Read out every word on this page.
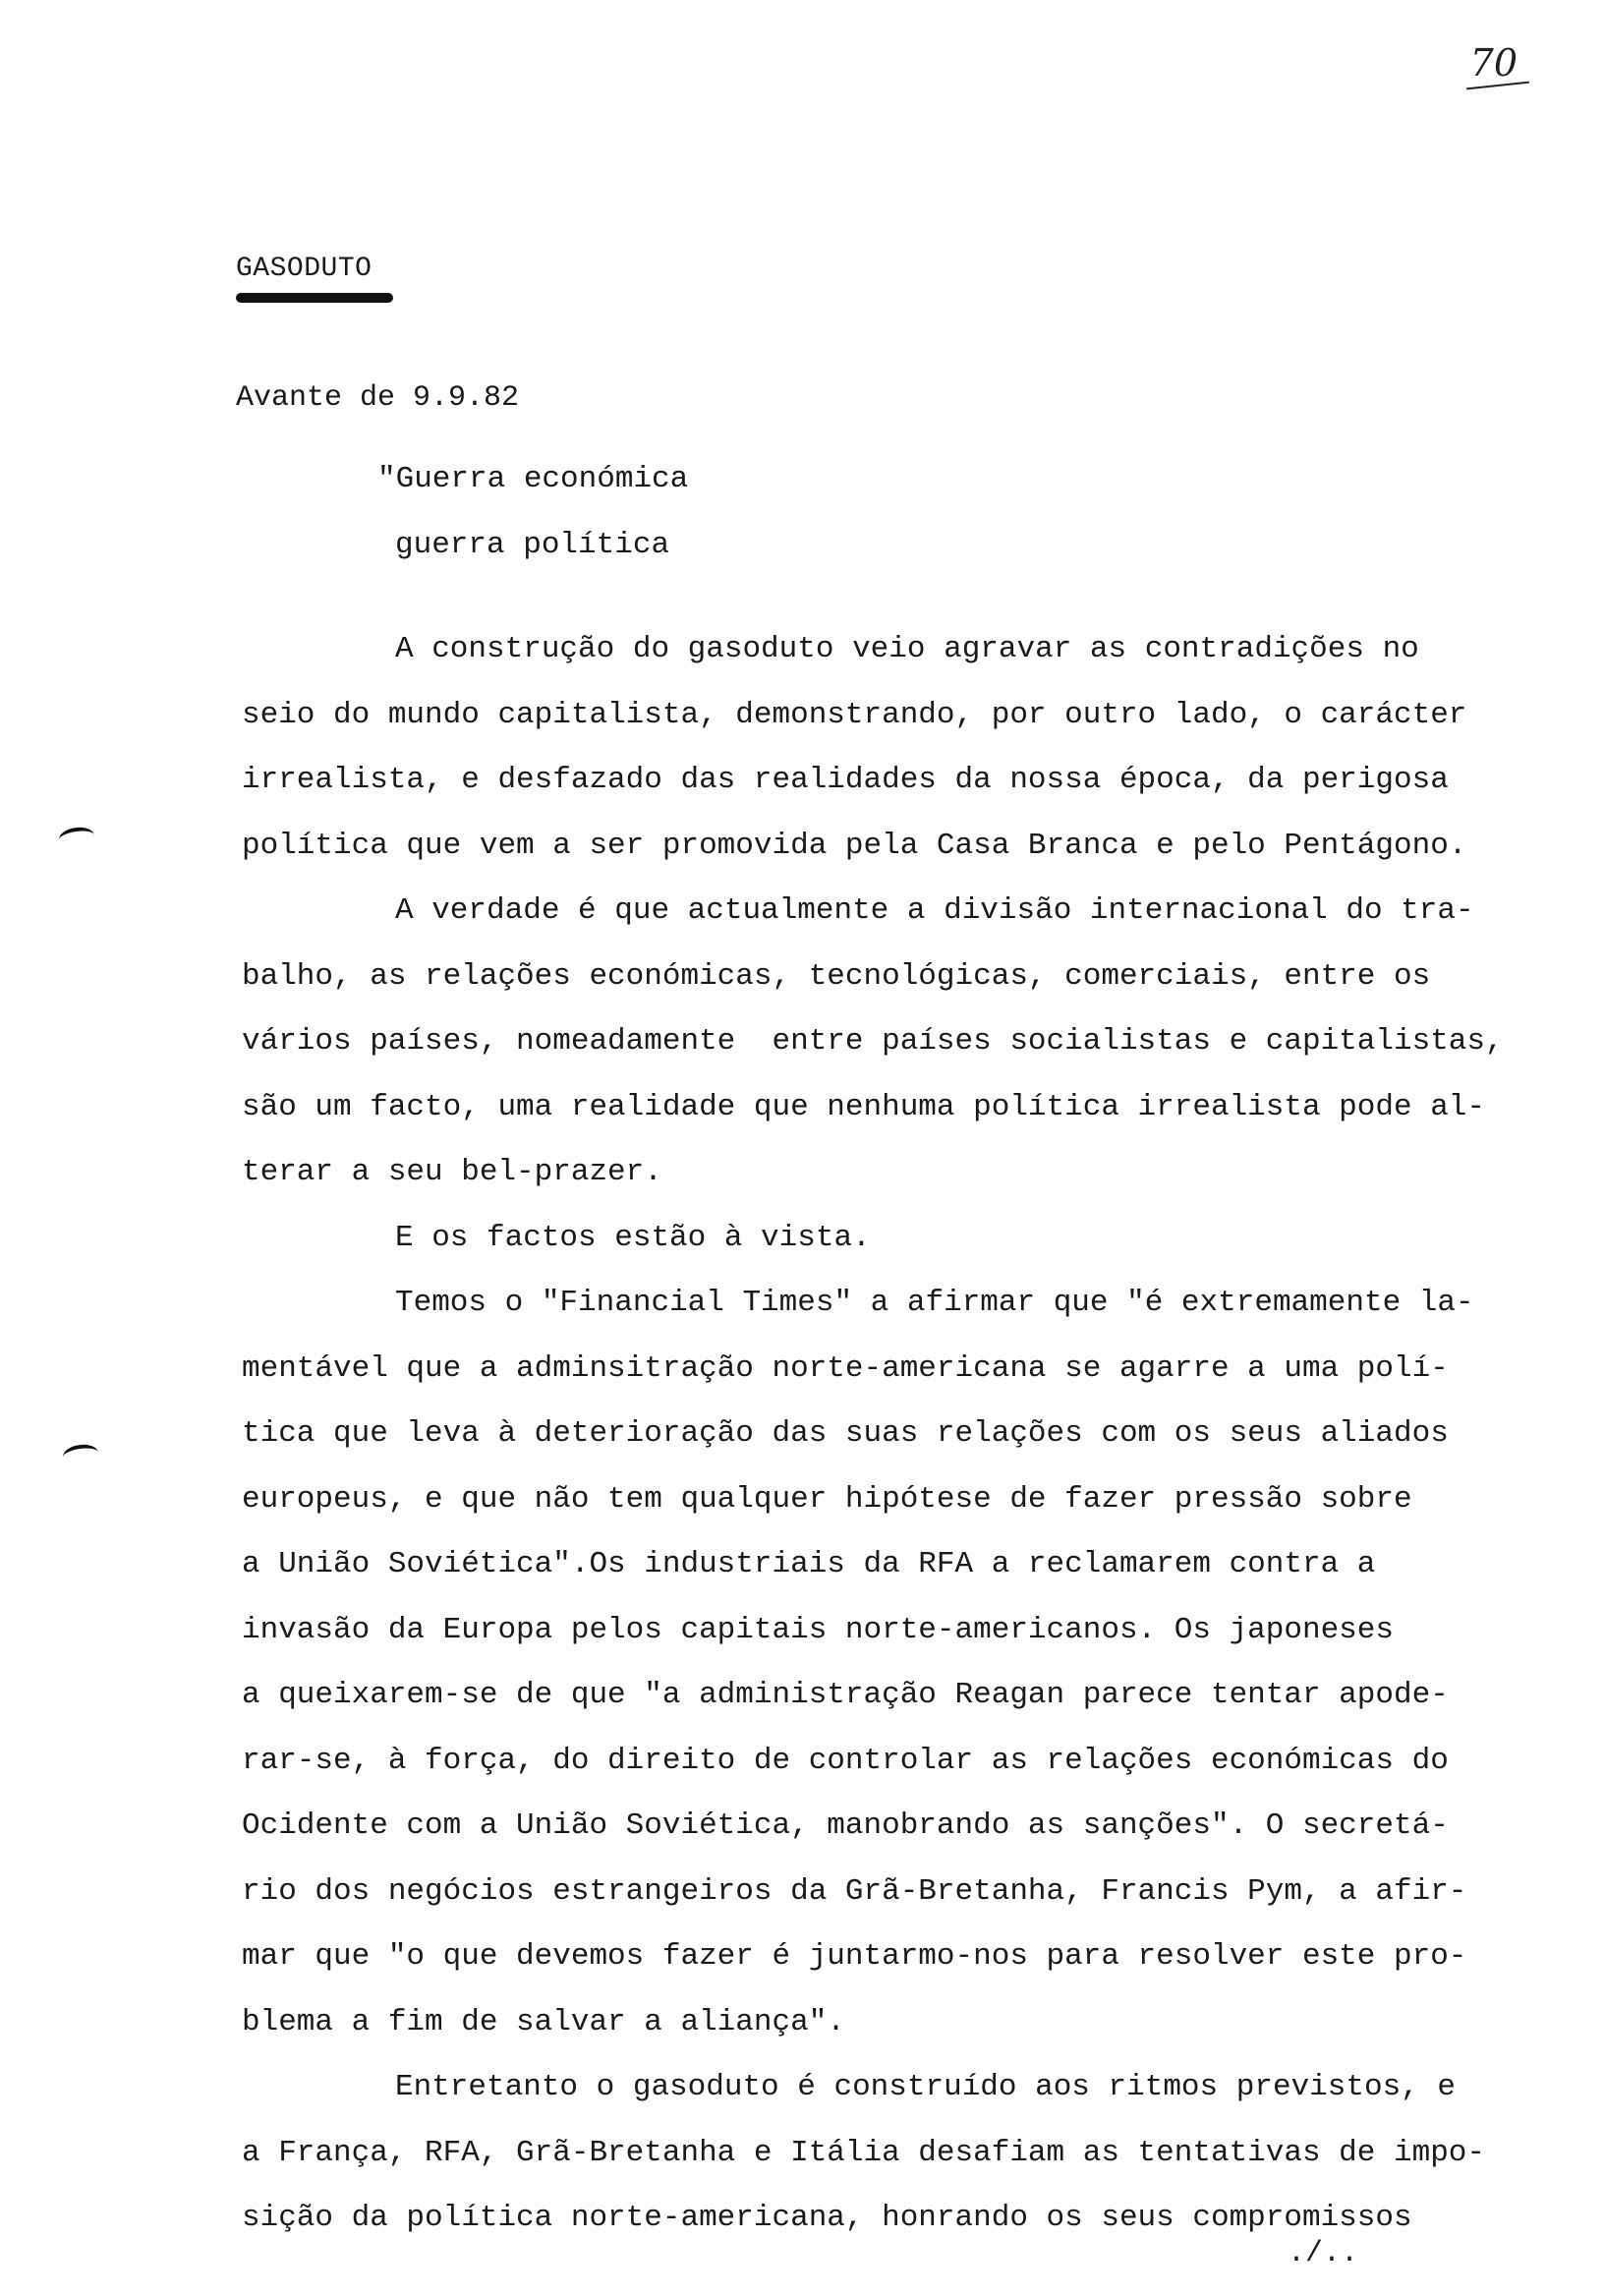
70
GASODUTO
Avante de 9.9.82
"Guerra económica
guerra política
A construção do gasoduto veio agravar as contradições no
seio do mundo capitalista, demonstrando, por outro lado, o carácter
irrealista, e desfazado das realidades da nossa época, da perigosa
política que vem a ser promovida pela Casa Branca e pelo Pentágono.
A verdade é que actualmente a divisão internacional do tra-
balho, as relações económicas, tecnológicas, comerciais, entre os
vários países, nomeadamente  entre países socialistas e capitalistas,
são um facto, uma realidade que nenhuma política irrealista pode al-
terar a seu bel-prazer.
E os factos estão à vista.
Temos o "Financial Times" a afirmar que "é extremamente la-
mentável que a adminsitração norte-americana se agarre a uma polí-
tica que leva à deterioração das suas relações com os seus aliados
europeus, e que não tem qualquer hipótese de fazer pressão sobre
a União Soviética".Os industriais da RFA a reclamarem contra a
invasão da Europa pelos capitais norte-americanos. Os japoneses
a queixarem-se de que "a administração Reagan parece tentar apode-
rar-se, à força, do direito de controlar as relações económicas do
Ocidente com a União Soviética, manobrando as sanções". O secretá-
rio dos negócios estrangeiros da Grã-Bretanha, Francis Pym, a afir-
mar que "o que devemos fazer é juntarmo-nos para resolver este pro-
blema a fim de salvar a aliança".
Entretanto o gasoduto é construído aos ritmos previstos, e
a França, RFA, Grã-Bretanha e Itália desafiam as tentativas de impo-
sição da política norte-americana, honrando os seus compromissos
./..
